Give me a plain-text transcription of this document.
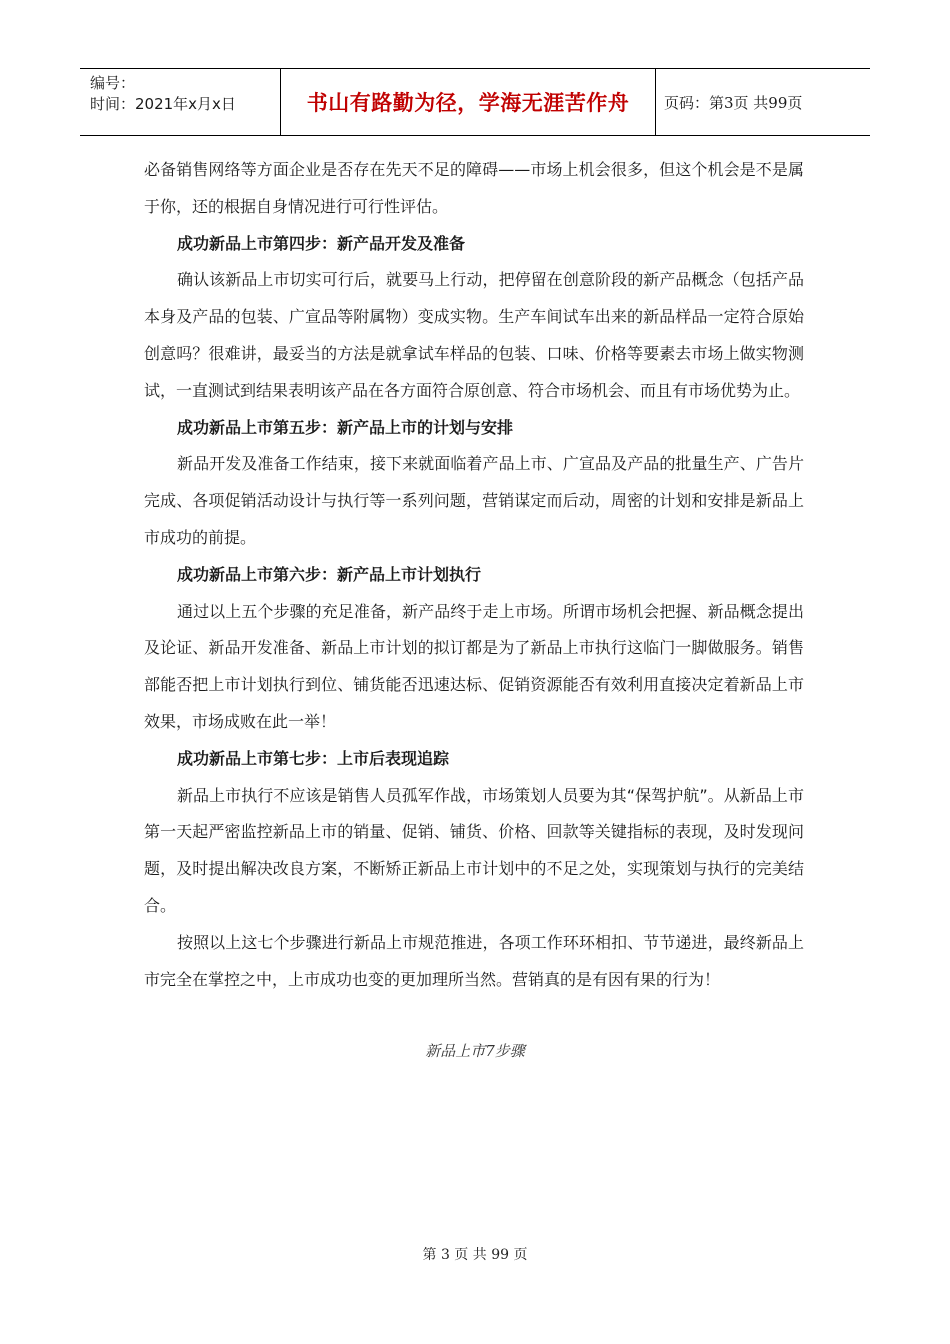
编号：
时间：2021年x月x日	书山有路勤为径，学海无涯苦作舟	页码：第3页 共99页

必备销售网络等方面企业是否存在先天不足的障碍——市场上机会很多，但这个机会是不是属于你，还的根据自身情况进行可行性评估。

成功新品上市第四步：新产品开发及准备

确认该新品上市切实可行后，就要马上行动，把停留在创意阶段的新产品概念（包括产品本身及产品的包装、广宣品等附属物）变成实物。生产车间试车出来的新品样品一定符合原始创意吗？很难讲，最妥当的方法是就拿试车样品的包装、口味、价格等要素去市场上做实物测试，一直测试到结果表明该产品在各方面符合原创意、符合市场机会、而且有市场优势为止。

成功新品上市第五步：新产品上市的计划与安排

新品开发及准备工作结束，接下来就面临着产品上市、广宣品及产品的批量生产、广告片完成、各项促销活动设计与执行等一系列问题，营销谋定而后动，周密的计划和安排是新品上市成功的前提。

成功新品上市第六步：新产品上市计划执行

通过以上五个步骤的充足准备，新产品终于走上市场。所谓市场机会把握、新品概念提出及论证、新品开发准备、新品上市计划的拟订都是为了新品上市执行这临门一脚做服务。销售部能否把上市计划执行到位、铺货能否迅速达标、促销资源能否有效利用直接决定着新品上市效果，市场成败在此一举！

成功新品上市第七步：上市后表现追踪

新品上市执行不应该是销售人员孤军作战，市场策划人员要为其“保驾护航”。从新品上市第一天起严密监控新品上市的销量、促销、铺货、价格、回款等关键指标的表现，及时发现问题，及时提出解决改良方案，不断矫正新品上市计划中的不足之处，实现策划与执行的完美结合。

按照以上这七个步骤进行新品上市规范推进，各项工作环环相扣、节节递进，最终新品上市完全在掌控之中，上市成功也变的更加理所当然。营销真的是有因有果的行为！

新品上市7步骤
第 3 页 共 99 页
